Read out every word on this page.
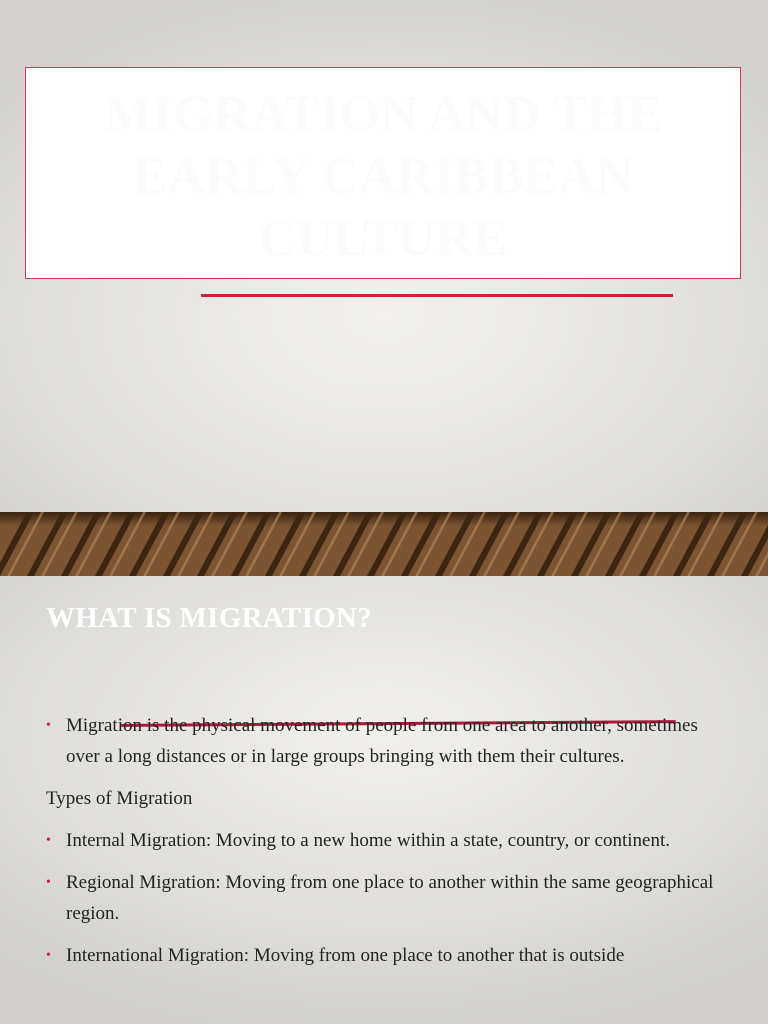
MIGRATION AND THE EARLY CARIBBEAN CULTURE
WHAT IS MIGRATION?
• Migration is the physical movement of people from one area to another, sometimes over a long distances or in large groups bringing with them their cultures.
Types of Migration
• Internal Migration: Moving to a new home within a state, country, or continent.
• Regional Migration: Moving from one place to another within the same geographical region.
• International Migration: Moving from one place to another that is outside
